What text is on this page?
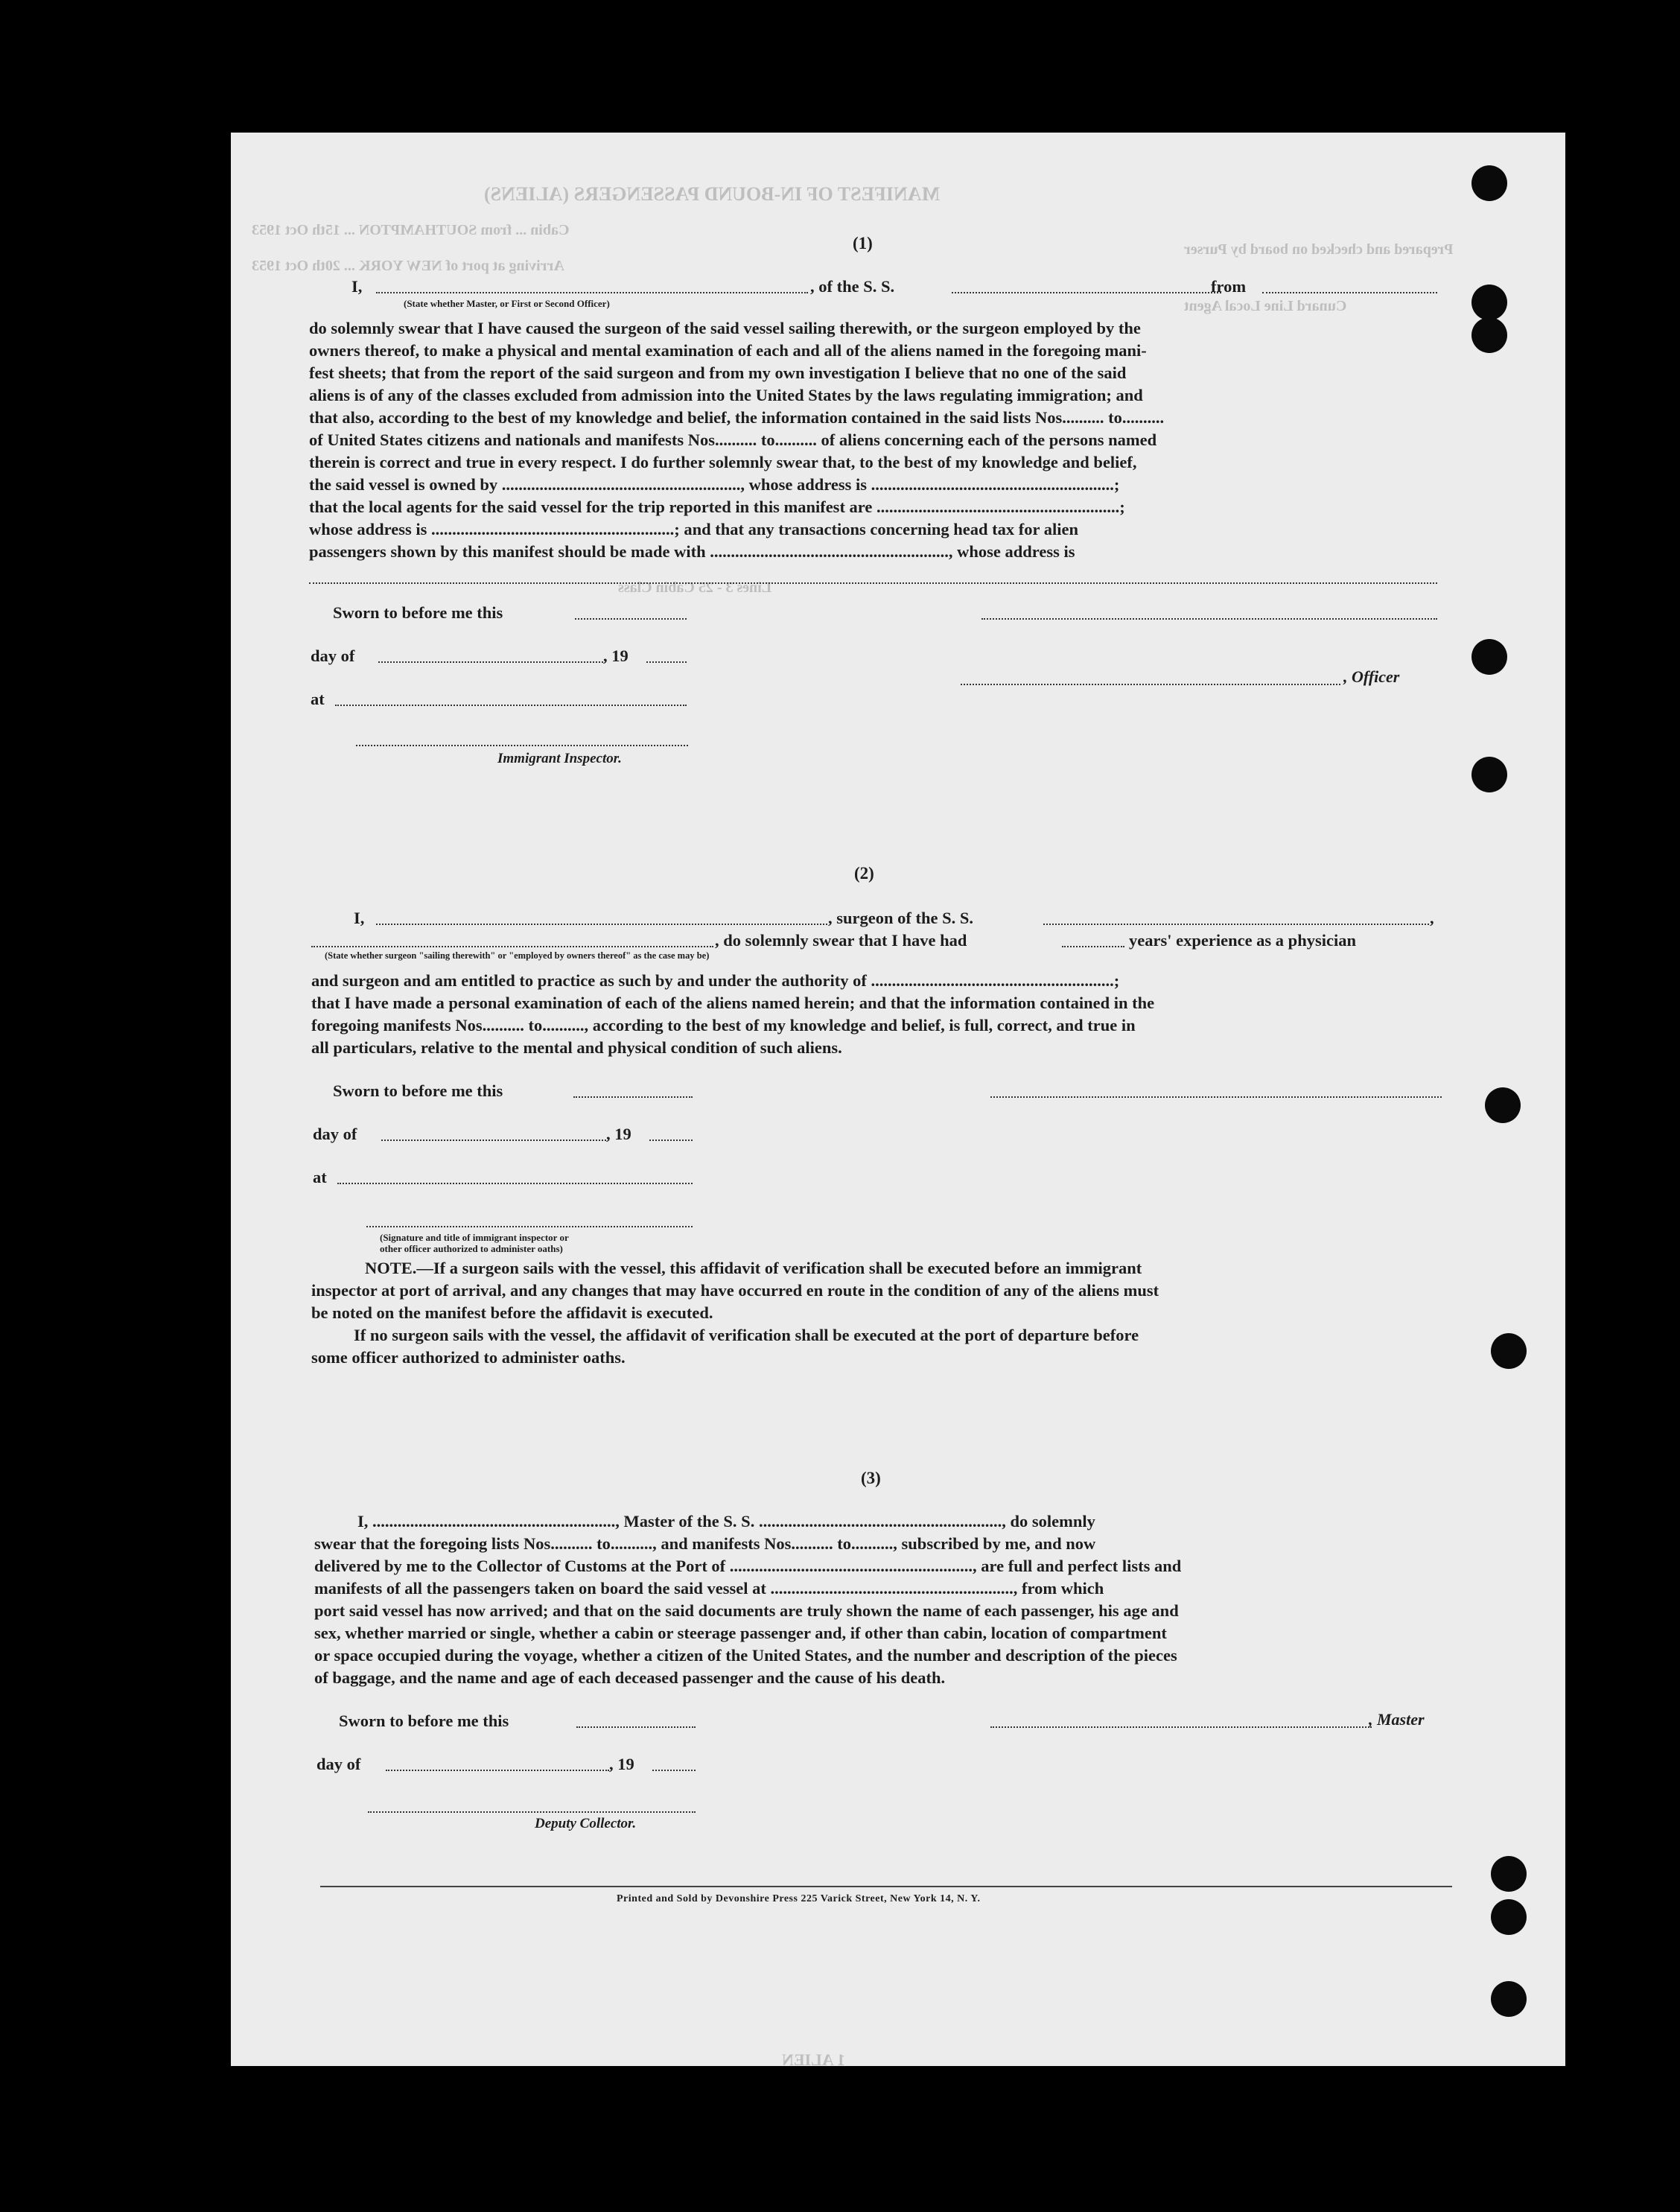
MANIFEST OF IN-BOUND PASSENGERS (ALIENS)
Cabin ... from SOUTHAMPTON ... 15th Oct 1953
Arriving at port of NEW YORK ... 20th Oct 1953
Prepared and checked on board by Purser
Cunard Line Local Agent
Lines 3 - 25 Cabin Class
1 ALIEN
(1)
I,	, of the S. S.	from
(State whether Master, or First or Second Officer)
do solemnly swear that I have caused the surgeon of the said vessel sailing therewith, or the surgeon employed by the
owners thereof, to make a physical and mental examination of each and all of the aliens named in the foregoing mani-
fest sheets; that from the report of the said surgeon and from my own investigation I believe that no one of the said
aliens is of any of the classes excluded from admission into the United States by the laws regulating immigration; and
that also, according to the best of my knowledge and belief, the information contained in the said lists Nos.......... to..........
of United States citizens and nationals and manifests Nos.......... to.......... of aliens concerning each of the persons named
therein is correct and true in every respect. I do further solemnly swear that, to the best of my knowledge and belief,
the said vessel is owned by ........................................................., whose address is ..........................................................;
that the local agents for the said vessel for the trip reported in this manifest are ..........................................................;
whose address is ..........................................................; and that any transactions concerning head tax for alien
passengers shown by this manifest should be made with ........................................................., whose address is
Sworn to before me this
day of	, 19
, Officer
at
Immigrant Inspector.
(2)
I,	, surgeon of the S. S.	,
, do solemnly swear that I have had	years' experience as a physician
(State whether surgeon "sailing therewith" or "employed by owners thereof" as the case may be)
and surgeon and am entitled to practice as such by and under the authority of ..........................................................;
that I have made a personal examination of each of the aliens named herein; and that the information contained in the
foregoing manifests Nos.......... to.........., according to the best of my knowledge and belief, is full, correct, and true in
all particulars, relative to the mental and physical condition of such aliens.
Sworn to before me this
day of	, 19
at
(Signature and title of immigrant inspector or
other officer authorized to administer oaths)
NOTE.—If a surgeon sails with the vessel, this affidavit of verification shall be executed before an immigrant
inspector at port of arrival, and any changes that may have occurred en route in the condition of any of the aliens must
be noted on the manifest before the affidavit is executed.
If no surgeon sails with the vessel, the affidavit of verification shall be executed at the port of departure before
some officer authorized to administer oaths.
(3)
I, .........................................................., Master of the S. S. .........................................................., do solemnly
swear that the foregoing lists Nos.......... to.........., and manifests Nos.......... to.........., subscribed by me, and now
delivered by me to the Collector of Customs at the Port of .........................................................., are full and perfect lists and
manifests of all the passengers taken on board the said vessel at .........................................................., from which
port said vessel has now arrived; and that on the said documents are truly shown the name of each passenger, his age and
sex, whether married or single, whether a cabin or steerage passenger and, if other than cabin, location of compartment
or space occupied during the voyage, whether a citizen of the United States, and the number and description of the pieces
of baggage, and the name and age of each deceased passenger and the cause of his death.
Sworn to before me this	, Master
day of	, 19
Deputy Collector.
Printed and Sold by Devonshire Press 225 Varick Street, New York 14, N. Y.
